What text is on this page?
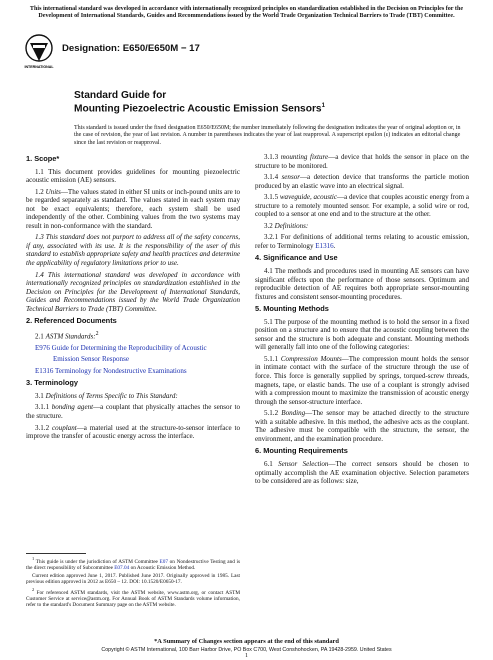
This international standard was developed in accordance with internationally recognized principles on standardization established in the Decision on Principles for the Development of International Standards, Guides and Recommendations issued by the World Trade Organization Technical Barriers to Trade (TBT) Committee.
INTERNATIONAL
Designation: E650/E650M − 17
Standard Guide for
Mounting Piezoelectric Acoustic Emission Sensors$^1$
This standard is issued under the fixed designation E650/E650M; the number immediately following the designation indicates the year of original adoption or, in the case of revision, the year of last revision. A number in parentheses indicates the year of last reapproval. A superscript epsilon (ε) indicates an editorial change since the last revision or reapproval.
1. Scope*

1.1 This document provides guidelines for mounting piezoelectric acoustic emission (AE) sensors.

1.2 Units—The values stated in either SI units or inch-pound units are to be regarded separately as standard. The values stated in each system may not be exact equivalents; therefore, each system shall be used independently of the other. Combining values from the two systems may result in non-conformance with the standard.

1.3 This standard does not purport to address all of the safety concerns, if any, associated with its use. It is the responsibility of the user of this standard to establish appropriate safety and health practices and determine the applicability of regulatory limitations prior to use.

1.4 This international standard was developed in accordance with internationally recognized principles on standardization established in the Decision on Principles for the Development of International Standards, Guides and Recommendations issued by the World Trade Organization Technical Barriers to Trade (TBT) Committee.

2. Referenced Documents

2.1 ASTM Standards:$^2$

E976 Guide for Determining the Reproducibility of Acoustic

Emission Sensor Response

E1316 Terminology for Nondestructive Examinations

3. Terminology

3.1 Definitions of Terms Specific to This Standard:

3.1.1 bonding agent—a couplant that physically attaches the sensor to the structure.

3.1.2 couplant—a material used at the structure-to-sensor interface to improve the transfer of acoustic energy across the interface.

3.1.3 mounting fixture—a device that holds the sensor in place on the structure to be monitored.

3.1.4 sensor—a detection device that transforms the particle motion produced by an elastic wave into an electrical signal.

3.1.5 waveguide, acoustic—a device that couples acoustic energy from a structure to a remotely mounted sensor. For example, a solid wire or rod, coupled to a sensor at one end and to the structure at the other.

3.2 Definitions:

3.2.1 For definitions of additional terms relating to acoustic emission, refer to Terminology E1316.

4. Significance and Use

4.1 The methods and procedures used in mounting AE sensors can have significant effects upon the performance of those sensors. Optimum and reproducible detection of AE requires both appropriate sensor-mounting fixtures and consistent sensor-mounting procedures.

5. Mounting Methods

5.1 The purpose of the mounting method is to hold the sensor in a fixed position on a structure and to ensure that the acoustic coupling between the sensor and the structure is both adequate and constant. Mounting methods will generally fall into one of the following categories:

5.1.1 Compression Mounts—The compression mount holds the sensor in intimate contact with the surface of the structure through the use of force. This force is generally supplied by springs, torqued-screw threads, magnets, tape, or elastic bands. The use of a couplant is strongly advised with a compression mount to maximize the transmission of acoustic energy through the sensor-structure interface.

5.1.2 Bonding—The sensor may be attached directly to the structure with a suitable adhesive. In this method, the adhesive acts as the couplant. The adhesive must be compatible with the structure, the sensor, the environment, and the examination procedure.

6. Mounting Requirements

6.1 Sensor Selection—The correct sensors should be chosen to optimally accomplish the AE examination objective. Selection parameters to be considered are as follows: size,

$^1$ This guide is under the jurisdiction of ASTM Committee E07 on Nondestructive Testing and is the direct responsibility of Subcommittee E07.04 on Acoustic Emission Method.

Current edition approved June 1, 2017. Published June 2017. Originally approved in 1985. Last previous edition approved in 2012 as E650 – 12. DOI: 10.1520/E0650-17.

$^2$ For referenced ASTM standards, visit the ASTM website, www.astm.org, or contact ASTM Customer Service at service@astm.org. For Annual Book of ASTM Standards volume information, refer to the standard's Document Summary page on the ASTM website.

*A Summary of Changes section appears at the end of this standard
Copyright © ASTM International, 100 Barr Harbor Drive, PO Box C700, West Conshohocken, PA 19428-2959. United States
1
